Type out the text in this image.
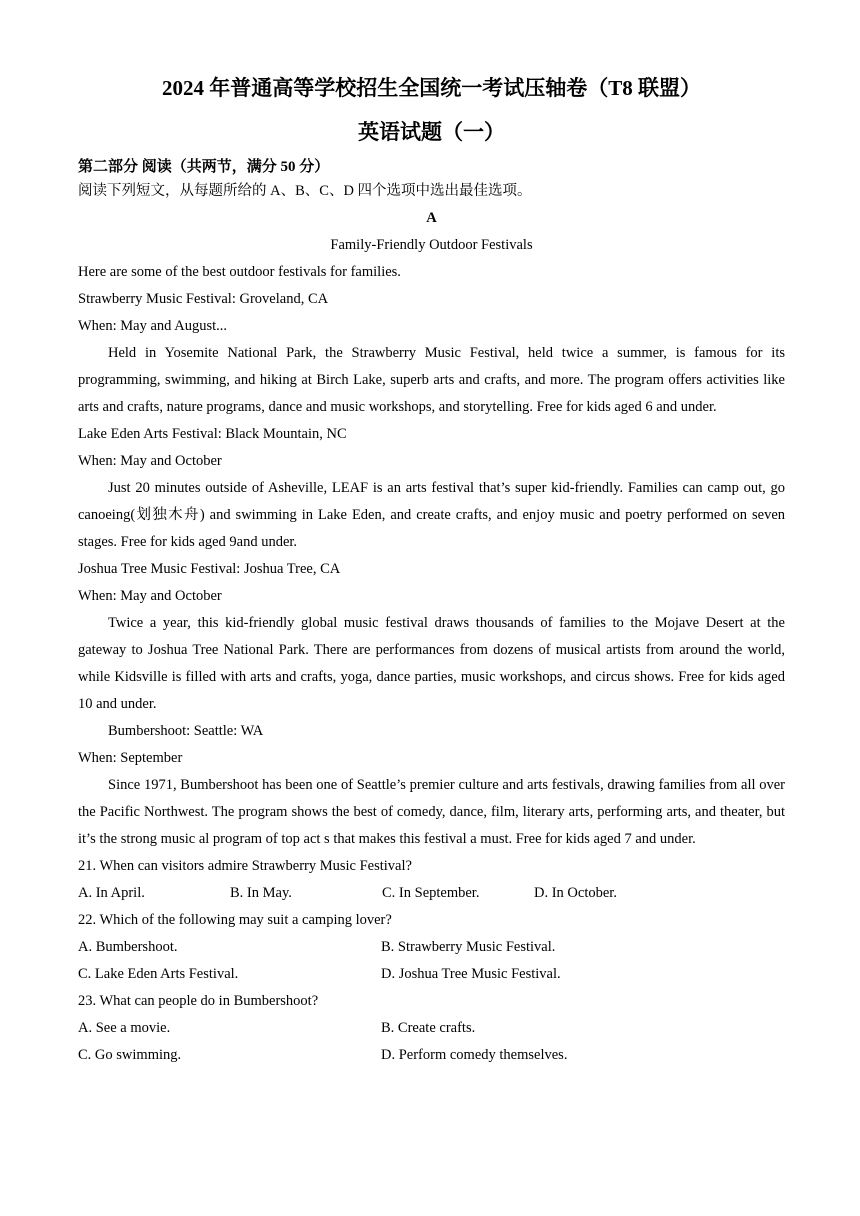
2024 年普通高等学校招生全国统一考试压轴卷（T8 联盟）
英语试题（一）
第二部分 阅读（共两节，满分 50 分）

阅读下列短文，从每题所给的 A、B、C、D 四个选项中选出最佳选项。

A

Family-Friendly Outdoor Festivals

Here are some of the best outdoor festivals for families.

Strawberry Music Festival: Groveland, CA

When: May and August...

Held in Yosemite National Park, the Strawberry Music Festival, held twice a summer, is famous for its programming, swimming, and hiking at Birch Lake, superb arts and crafts, and more. The program offers activities like arts and crafts, nature programs, dance and music workshops, and storytelling. Free for kids aged 6 and under.

Lake Eden Arts Festival: Black Mountain, NC

When: May and October

Just 20 minutes outside of Asheville, LEAF is an arts festival that’s super kid-friendly. Families can camp out, go canoeing(划独木舟) and swimming in Lake Eden, and create crafts, and enjoy music and poetry performed on seven stages. Free for kids aged 9and under.

Joshua Tree Music Festival: Joshua Tree, CA

When: May and October

Twice a year, this kid-friendly global music festival draws thousands of families to the Mojave Desert at the gateway to Joshua Tree National Park. There are performances from dozens of musical artists from around the world, while Kidsville is filled with arts and crafts, yoga, dance parties, music workshops, and circus shows. Free for kids aged 10 and under.

Bumbershoot: Seattle: WA

When: September

Since 1971, Bumbershoot has been one of Seattle’s premier culture and arts festivals, drawing families from all over the Pacific Northwest. The program shows the best of comedy, dance, film, literary arts, performing arts, and theater, but it’s the strong music al program of top act s that makes this festival a must. Free for kids aged 7 and under.

21. When can visitors admire Strawberry Music Festival?

A. In April.	B. In May.	C. In September.	D. In October.

22. Which of the following may suit a camping lover?

A. Bumbershoot.	B. Strawberry Music Festival.
C. Lake Eden Arts Festival.	D. Joshua Tree Music Festival.

23. What can people do in Bumbershoot?

A. See a movie.	B. Create crafts.
C. Go swimming.	D. Perform comedy themselves.
